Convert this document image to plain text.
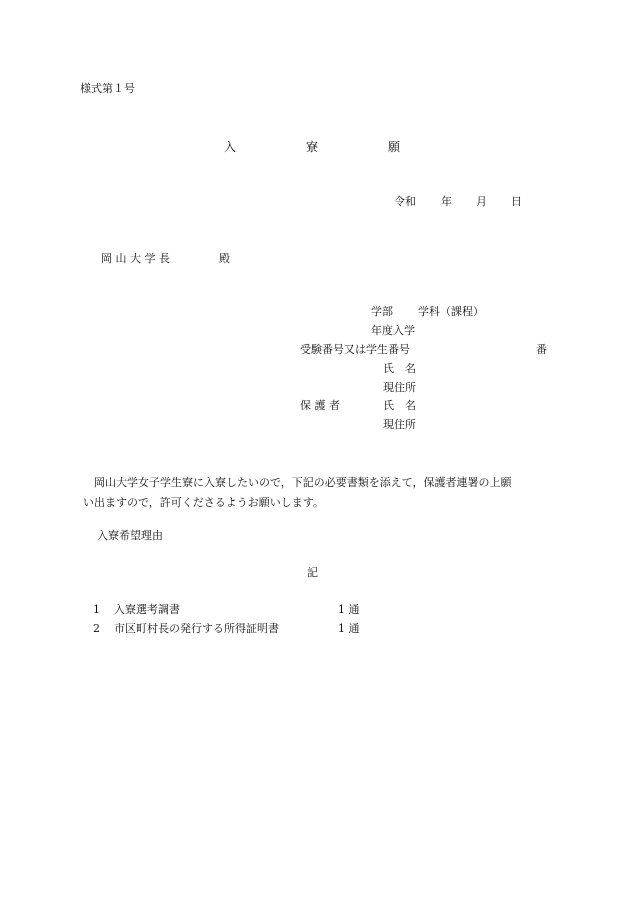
様式第１号
入	寮	願
令和 年 月 日
岡 山 大 学 長	殿
学部 学科（課程）
年度入学
受験番号又は学生番号	番
氏　名
現住所
保 護 者	氏　名
現住所
岡山大学女子学生寮に入寮したいので，下記の必要書類を添えて，保護者連署の上願
い出ますので，許可くださるようお願いします。
入寮希望理由
記
1 入寮選考調書	1 通
2 市区町村長の発行する所得証明書	1 通
